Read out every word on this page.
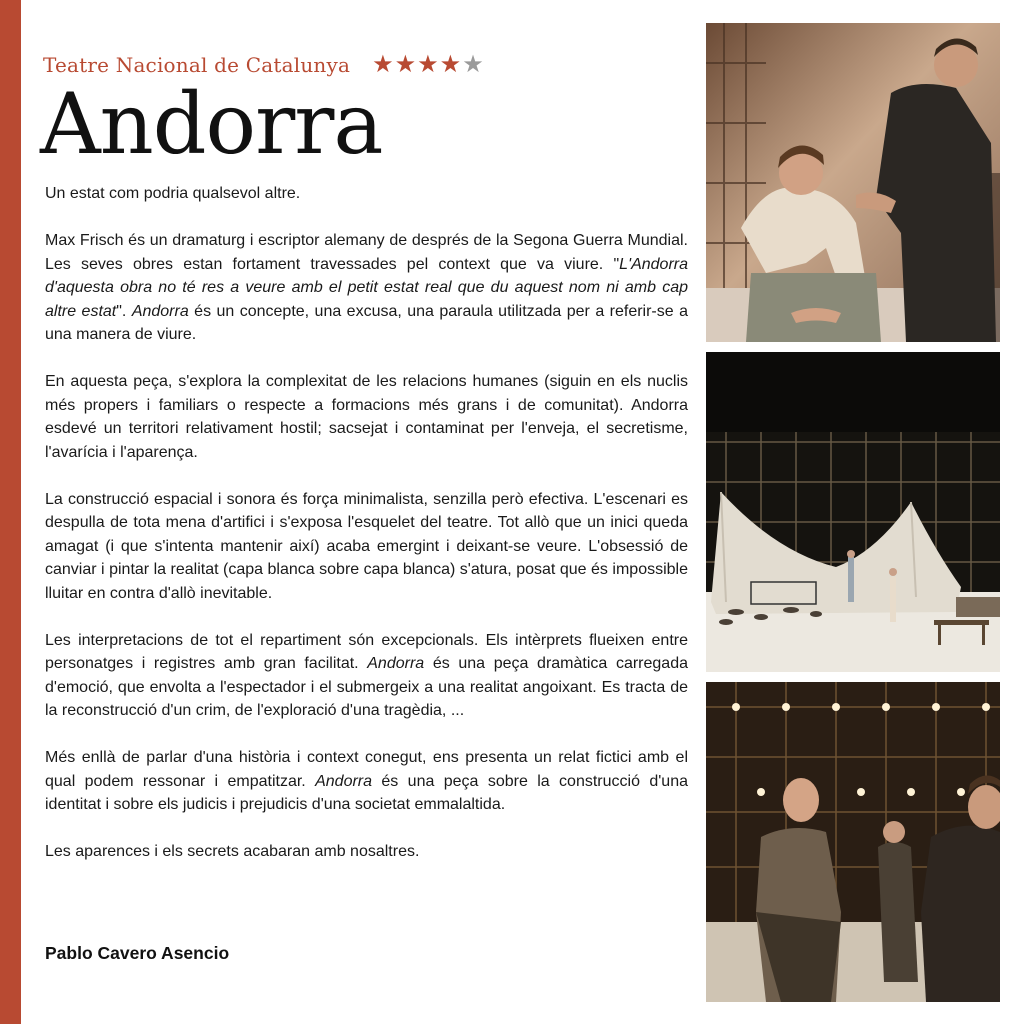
Teatre Nacional de Catalunya ★★★★★
Andorra

Un estat com podria qualsevol altre.

Max Frisch és un dramaturg i escriptor alemany de després de la Segona Guerra Mundial. Les seves obres estan fortament travessades pel context que va viure. "L'Andorra d'aquesta obra no té res a veure amb el petit estat real que du aquest nom ni amb cap altre estat". Andorra és un concepte, una excusa, una paraula utilitzada per a referir-se a una manera de viure.

En aquesta peça, s'explora la complexitat de les relacions humanes (siguin en els nuclis més propers i familiars o respecte a formacions més grans i de comunitat). Andorra esdevé un territori relativament hostil; sacsejat i contaminat per l'enveja, el secretisme, l'avarícia i l'aparença.

La construcció espacial i sonora és força minimalista, senzilla però efectiva. L'escenari es despulla de tota mena d'artifici i s'exposa l'esquelet del teatre. Tot allò que un inici queda amagat (i que s'intenta mantenir així) acaba emergint i deixant-se veure. L'obsessió de canviar i pintar la realitat (capa blanca sobre capa blanca) s'atura, posat que és impossible lluitar en contra d'allò inevitable.

Les interpretacions de tot el repartiment són excepcionals. Els intèrprets flueixen entre personatges i registres amb gran facilitat. Andorra és una peça dramàtica carregada d'emoció, que envolta a l'espectador i el submergeix a una realitat angoixant. Es tracta de la reconstrucció d'un crim, de l'exploració d'una tragèdia, ...

Més enllà de parlar d'una història i context conegut, ens presenta un relat fictici amb el qual podem ressonar i empatitzar. Andorra és una peça sobre la construcció d'una identitat i sobre els judicis i prejudicis d'una societat emmalaltida.

Les aparences i els secrets acabaran amb nosaltres.

Pablo Cavero Asencio
